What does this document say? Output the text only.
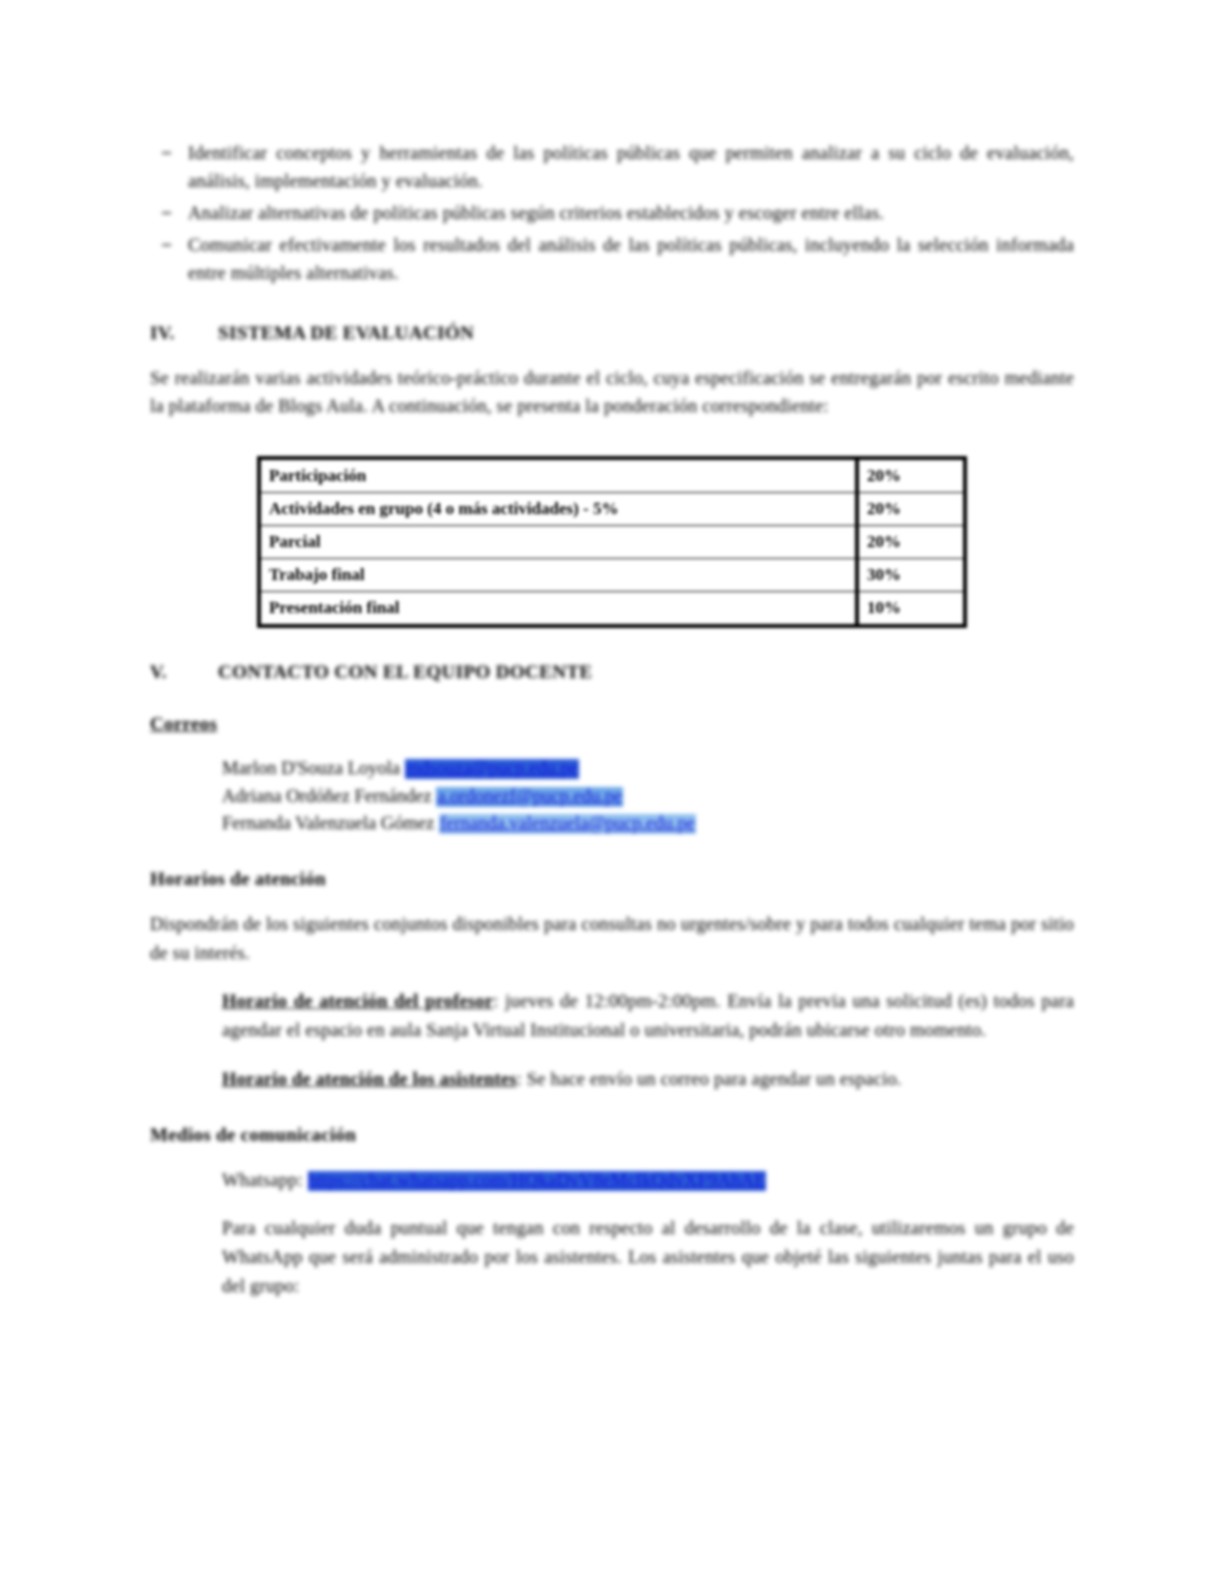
Identificar conceptos y herramientas de las políticas públicas que permiten analizar a su ciclo de evaluación, análisis, implementación y evaluación.
Analizar alternativas de políticas públicas según criterios establecidos y escoger entre ellas.
Comunicar efectivamente los resultados del análisis de las políticas públicas, incluyendo la selección informada entre múltiples alternativas.
IV.	SISTEMA DE EVALUACIÓN
Se realizarán varias actividades teórico-práctico durante el ciclo, cuya especificación se entregarán por escrito mediante la plataforma de Blogs Aula. A continuación, se presenta la ponderación correspondiente:
Participación	20%
Actividades en grupo (4 o más actividades) - 5%	20%
Parcial	20%
Trabajo final	30%
Presentación final	10%
V.	CONTACTO CON EL EQUIPO DOCENTE
Correos
Marlon D'Souza Loyola mdsouza@pucp.edu.pe
Adriana Ordóñez Fernández a.ordonezf@pucp.edu.pe
Fernanda Valenzuela Gómez fernanda.valenzuela@pucp.edu.pe
Horarios de atención
Dispondrán de los siguientes conjuntos disponibles para consultas no urgentes/sobre y para todos cualquier tema por sitio de su interés.
Horario de atención del profesor: jueves de 12:00pm-2:00pm. Envía la previa una solicitud (es) todos para agendar el espacio en aula Sanja Virtual Institucional o universitaria, podrán ubicarse otro momento.
Horario de atención de los asistentes: Se hace envío un correo para agendar un espacio.
Medios de comunicación
Whatsapp: https://chat.whatsapp.com/HQkaDvV8eMcIkQdvXF9AhAE
Para cualquier duda puntual que tengan con respecto al desarrollo de la clase, utilizaremos un grupo de WhatsApp que será administrado por los asistentes. Los asistentes que objeté las siguientes juntas para el uso del grupo:
